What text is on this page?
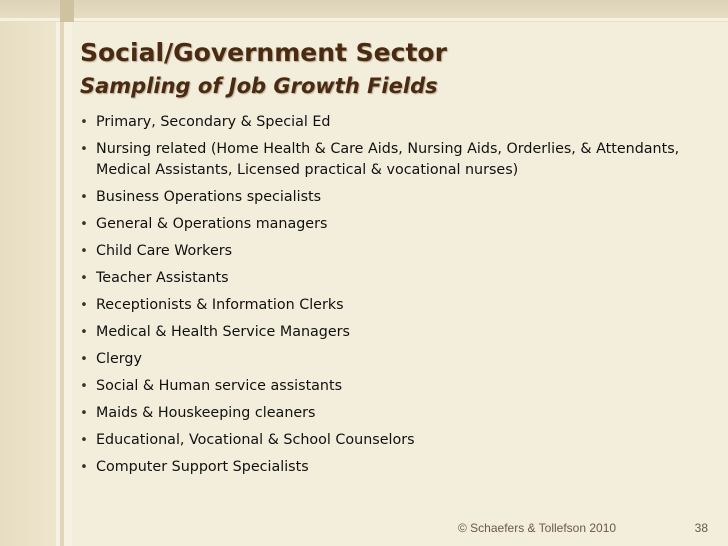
Social/Government Sector
Sampling of Job Growth Fields
• Primary, Secondary & Special Ed
• Nursing related (Home Health & Care Aids, Nursing Aids, Orderlies, & Attendants, Medical Assistants, Licensed practical & vocational nurses)
• Business Operations specialists
• General & Operations managers
• Child Care Workers
• Teacher Assistants
• Receptionists & Information Clerks
• Medical & Health Service Managers
• Clergy
• Social & Human service assistants
• Maids & Houskeeping cleaners
• Educational, Vocational & School Counselors
• Computer Support Specialists
© Schaefers & Tollefson 2010	38
